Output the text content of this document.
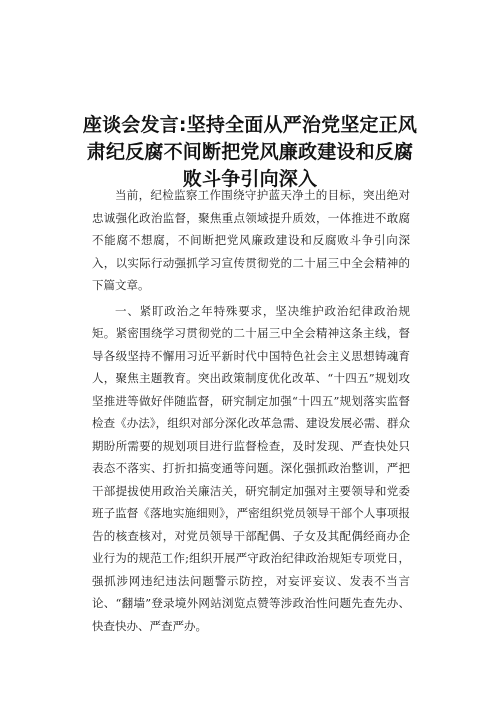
座谈会发言:坚持全面从严治党坚定正风肃纪反腐不间断把党风廉政建设和反腐败斗争引向深入

当前，纪检监察工作围绕守护蓝天净土的目标，突出绝对忠诚强化政治监督，聚焦重点领域提升质效，一体推进不敢腐不能腐不想腐，不间断把党风廉政建设和反腐败斗争引向深入，以实际行动强抓学习宣传贯彻党的二十届三中全会精神的下篇文章。

一、紧盯政治之年特殊要求，坚决维护政治纪律政治规矩。紧密围绕学习贯彻党的二十届三中全会精神这条主线，督导各级坚持不懈用习近平新时代中国特色社会主义思想铸魂育人，聚焦主题教育。突出政策制度优化改革、“十四五”规划攻坚推进等做好伴随监督，研究制定加强“十四五”规划落实监督检查《办法》，组织对部分深化改革急需、建设发展必需、群众期盼所需要的规划项目进行监督检查，及时发现、严查快处只表态不落实、打折扣搞变通等问题。深化强抓政治整训，严把干部提拔使用政治关廉洁关，研究制定加强对主要领导和党委班子监督《落地实施细则》，严密组织党员领导干部个人事项报告的核查核对，对党员领导干部配偶、子女及其配偶经商办企业行为的规范工作;组织开展严守政治纪律政治规矩专项党日，强抓涉网违纪违法问题警示防控，对妄评妄议、发表不当言论、“翻墙”登录境外网站浏览点赞等涉政治性问题先查先办、快查快办、严查严办。
